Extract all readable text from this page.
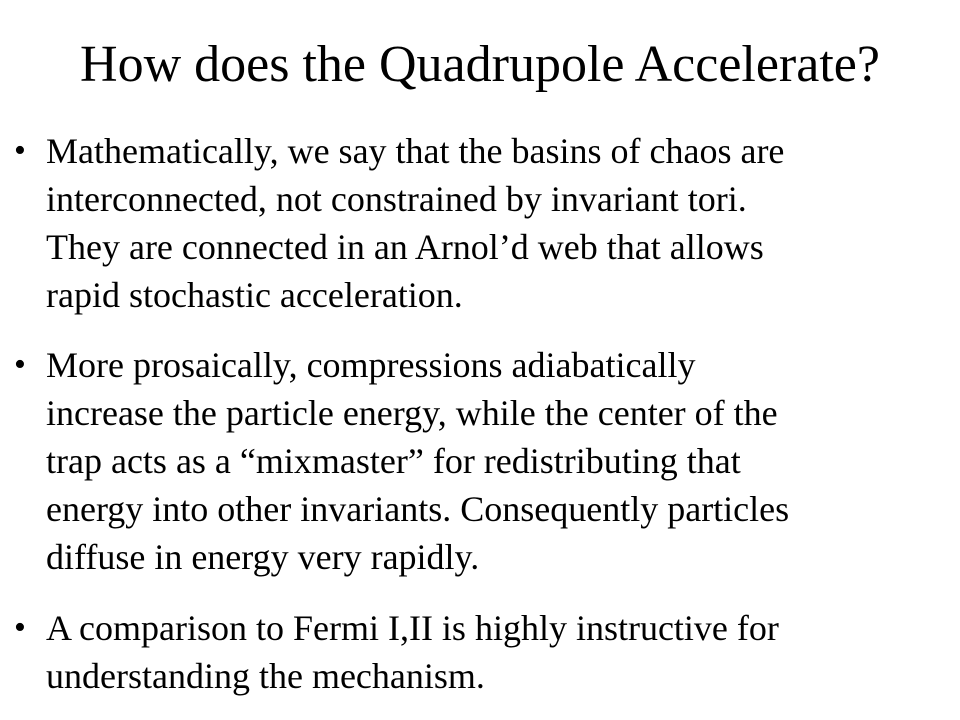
How does the Quadrupole Accelerate?
• Mathematically, we say that the basins of chaos are
interconnected, not constrained by invariant tori.
They are connected in an Arnol’d web that allows
rapid stochastic acceleration.
• More prosaically, compressions adiabatically
increase the particle energy, while the center of the
trap acts as a “mixmaster” for redistributing that
energy into other invariants. Consequently particles
diffuse in energy very rapidly.
• A comparison to Fermi I,II is highly instructive for
understanding the mechanism.
